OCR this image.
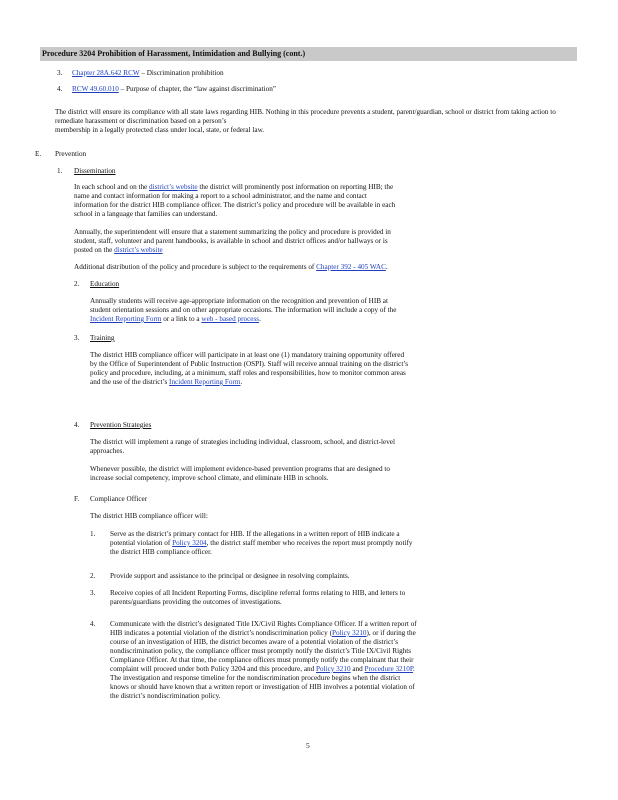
Procedure 3204 Prohibition of Harassment, Intimidation and Bullying (cont.)
3. Chapter 28A.642 RCW – Discrimination prohibition
4. RCW 49.60.010 – Purpose of chapter, the “law against discrimination”
The district will ensure its compliance with all state laws regarding HIB. Nothing in this procedure prevents a student, parent/guardian, school or district from taking action to remediate harassment or discrimination based on a person’s
membership in a legally protected class under local, state, or federal law.
E. Prevention
1. Dissemination
In each school and on the district’s website the district will prominently post information on reporting HIB; the
name and contact information for making a report to a school administrator, and the name and contact
information for the district HIB compliance officer. The district’s policy and procedure will be available in each
school in a language that families can understand.
Annually, the superintendent will ensure that a statement summarizing the policy and procedure is provided in
student, staff, volunteer and parent handbooks, is available in school and district offices and/or hallways or is
posted on the district’s website
Additional distribution of the policy and procedure is subject to the requirements of Chapter 392 - 405 WAC.
2. Education
Annually students will receive age-appropriate information on the recognition and prevention of HIB at
student orientation sessions and on other appropriate occasions. The information will include a copy of the
Incident Reporting Form or a link to a web - based process.
3. Training
The district HIB compliance officer will participate in at least one (1) mandatory training opportunity offered
by the Office of Superintendent of Public Instruction (OSPI). Staff will receive annual training on the district’s
policy and procedure, including, at a minimum, staff roles and responsibilities, how to monitor common areas
and the use of the district’s Incident Reporting Form.
4. Prevention Strategies
The district will implement a range of strategies including individual, classroom, school, and district-level
approaches.
Whenever possible, the district will implement evidence-based prevention programs that are designed to
increase social competency, improve school climate, and eliminate HIB in schools.
F. Compliance Officer
The district HIB compliance officer will:
1. Serve as the district’s primary contact for HIB. If the allegations in a written report of HIB indicate a
potential violation of Policy 3204, the district staff member who receives the report must promptly notify
the district HIB compliance officer.
2. Provide support and assistance to the principal or designee in resolving complaints.
3. Receive copies of all Incident Reporting Forms, discipline referral forms relating to HIB, and letters to
parents/guardians providing the outcomes of investigations.
4. Communicate with the district’s designated Title IX/Civil Rights Compliance Officer. If a written report of
HIB indicates a potential violation of the district’s nondiscrimination policy (Policy 3210), or if during the
course of an investigation of HIB, the district becomes aware of a potential violation of the district’s
nondiscrimination policy, the compliance officer must promptly notify the district’s Title IX/Civil Rights
Compliance Officer. At that time, the compliance officers must promptly notify the complainant that their
complaint will proceed under both Policy 3204 and this procedure, and Policy 3210 and Procedure 3210P.
The investigation and response timeline for the nondiscrimination procedure begins when the district
knows or should have known that a written report or investigation of HIB involves a potential violation of
the district’s nondiscrimination policy.
5
